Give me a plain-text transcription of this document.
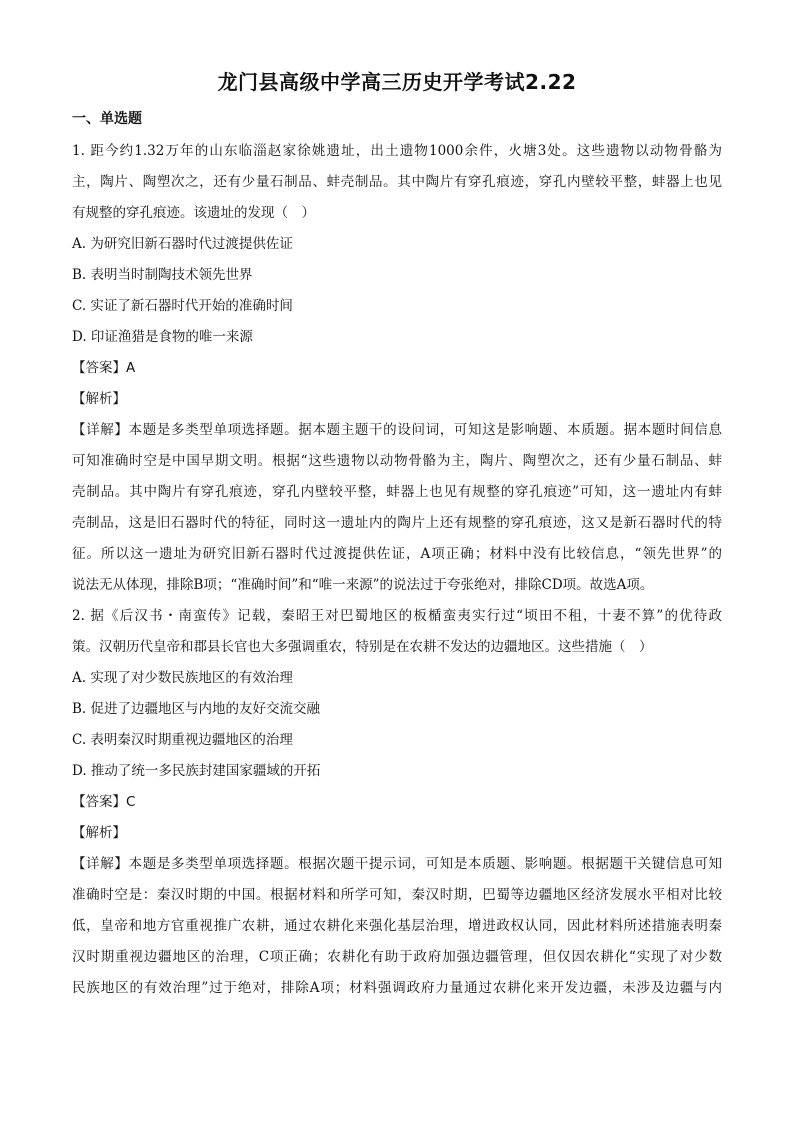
龙门县高级中学高三历史开学考试2.22
一、单选题
1. 距今约1.32万年的山东临淄赵家徐姚遗址，出土遗物1000余件，火塘3处。这些遗物以动物骨骼为
主，陶片、陶塑次之，还有少量石制品、蚌壳制品。其中陶片有穿孔痕迹，穿孔内壁较平整，蚌器上也见
有规整的穿孔痕迹。该遗址的发现（　）
A. 为研究旧新石器时代过渡提供佐证
B. 表明当时制陶技术领先世界
C. 实证了新石器时代开始的准确时间
D. 印证渔猎是食物的唯一来源
【答案】A
【解析】
【详解】本题是多类型单项选择题。据本题主题干的设问词，可知这是影响题、本质题。据本题时间信息
可知准确时空是中国早期文明。根据“这些遗物以动物骨骼为主，陶片、陶塑次之，还有少量石制品、蚌
壳制品。其中陶片有穿孔痕迹，穿孔内壁较平整，蚌器上也见有规整的穿孔痕迹”可知，这一遗址内有蚌
壳制品，这是旧石器时代的特征，同时这一遗址内的陶片上还有规整的穿孔痕迹，这又是新石器时代的特
征。所以这一遗址为研究旧新石器时代过渡提供佐证，A项正确；材料中没有比较信息，“领先世界”的
说法无从体现，排除B项；“准确时间”和“唯一来源”的说法过于夸张绝对，排除CD项。故选A项。
2. 据《后汉书・南蛮传》记载，秦昭王对巴蜀地区的板楯蛮夷实行过“顷田不租，十妻不算”的优待政
策。汉朝历代皇帝和郡县长官也大多强调重农，特别是在农耕不发达的边疆地区。这些措施（　）
A. 实现了对少数民族地区的有效治理
B. 促进了边疆地区与内地的友好交流交融
C. 表明秦汉时期重视边疆地区的治理
D. 推动了统一多民族封建国家疆域的开拓
【答案】C
【解析】
【详解】本题是多类型单项选择题。根据次题干提示词，可知是本质题、影响题。根据题干关键信息可知
准确时空是：秦汉时期的中国。根据材料和所学可知，秦汉时期，巴蜀等边疆地区经济发展水平相对比较
低，皇帝和地方官重视推广农耕，通过农耕化来强化基层治理，增进政权认同，因此材料所述措施表明秦
汉时期重视边疆地区的治理，C项正确；农耕化有助于政府加强边疆管理，但仅因农耕化“实现了对少数
民族地区的有效治理”过于绝对，排除A项；材料强调政府力量通过农耕化来开发边疆，未涉及边疆与内
